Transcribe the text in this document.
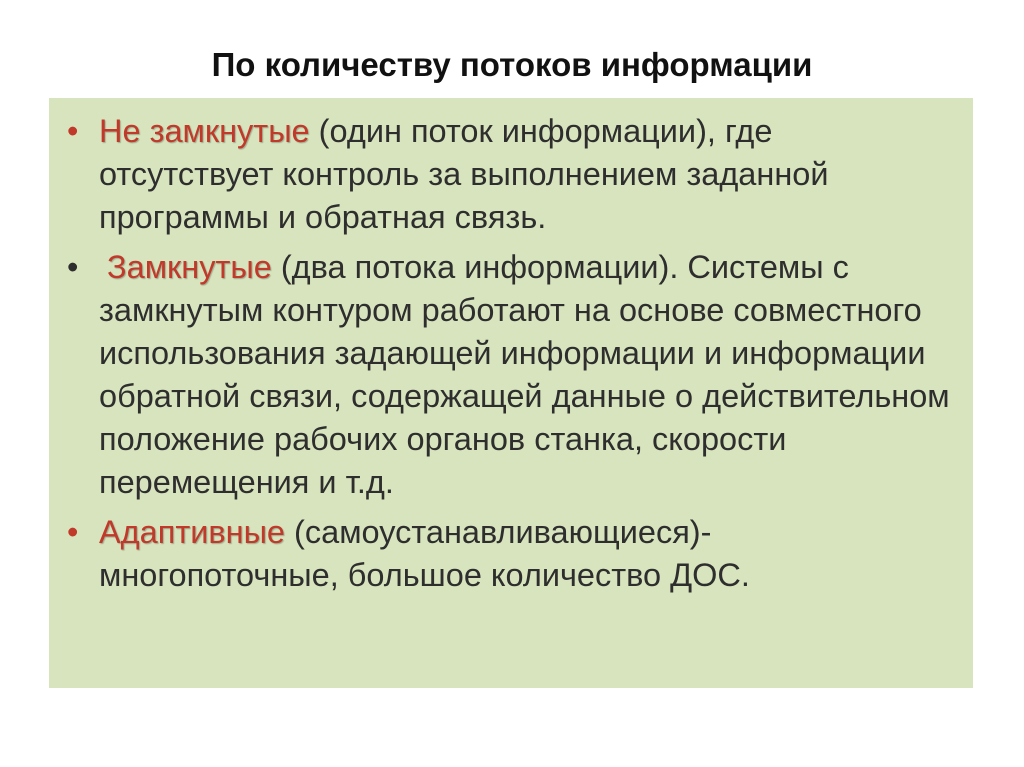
По количеству потоков информации
• Не замкнутые (один поток информации), где отсутствует контроль за выполнением заданной программы и обратная связь.
• Замкнутые (два потока информации). Системы с замкнутым контуром работают на основе совместного использования задающей информации и информации обратной связи, содержащей данные о действительном положение рабочих органов станка, скорости перемещения и т.д.
• Адаптивные (самоустанавливающиеся)- многопоточные, большое количество ДОС.
